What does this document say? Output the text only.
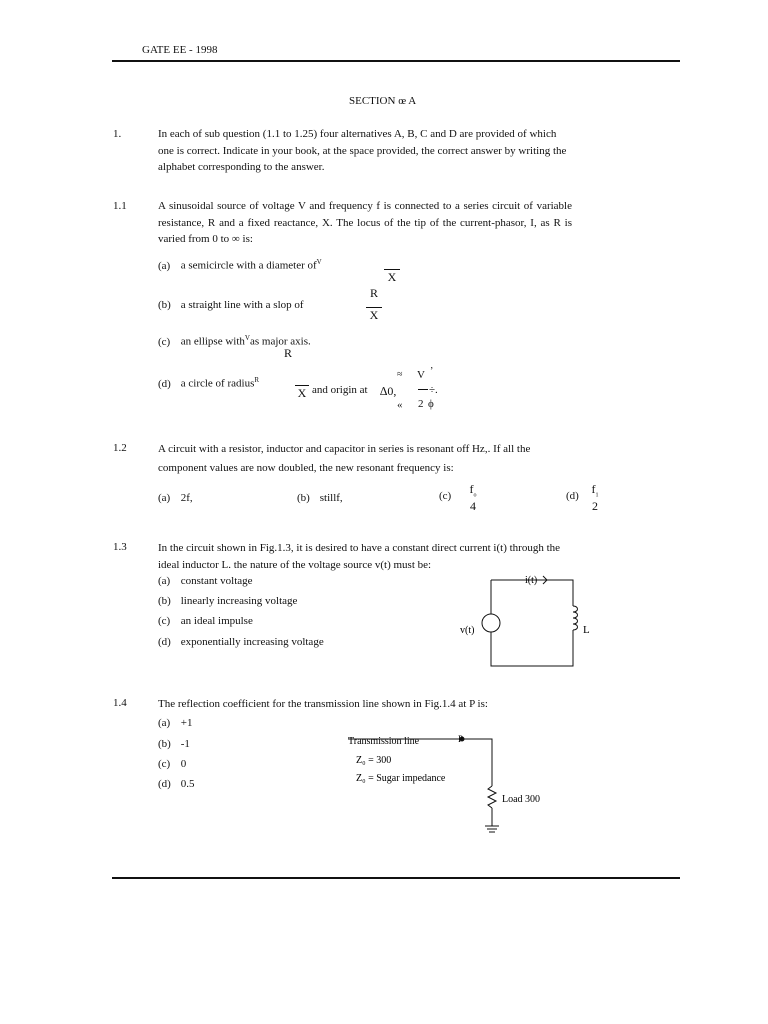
GATE EE - 1998
SECTION œ A
1.	In each of sub question (1.1 to 1.25) four alternatives A, B, C and D are provided of which one is correct. Indicate in your book, at the space provided, the correct answer by writing the alphabet corresponding to the answer.
1.1	A sinusoidal source of voltage V and frequency f is connected to a series circuit of variable resistance, R and a fixed reactance, X. The locus of the tip of the current-phasor, I, as R is varied from 0 to ∞ is:
(a) a semicircle with a diameter $of^V$
X
(b) a straight line with a slop of
R
X
(c) an ellipse with$^V$as major axis.
R
(d) a circle of radius$^R$
X and origin at ∆0,
≈ V ’
÷.
« 2 ϕ
1.2	A circuit with a resistor, inductor and capacitor in series is resonant off Hz,. If all the component values are now doubled, the new resonant frequency is:
(a) 2f,	(b) stillf,	(c) $f_o$
4
(d) $f_1$
2
1.3	In the circuit shown in Fig.1.3, it is desired to have a constant direct current i(t) through the ideal inductor L. the nature of the voltage source v(t) must be:
(a) constant voltage
(b) linearly increasing voltage
(c) an ideal impulse
(d) exponentially increasing voltage
i(t)
v(t)	L
1.4	The reflection coefficient for the transmission line shown in Fig.1.4 at P is:
(a) +1
(b) -1
(c) 0
(d) 0.5
Transmission line	P
Z₀ = 300
Z₀ = Sugar impedance
Load 300
